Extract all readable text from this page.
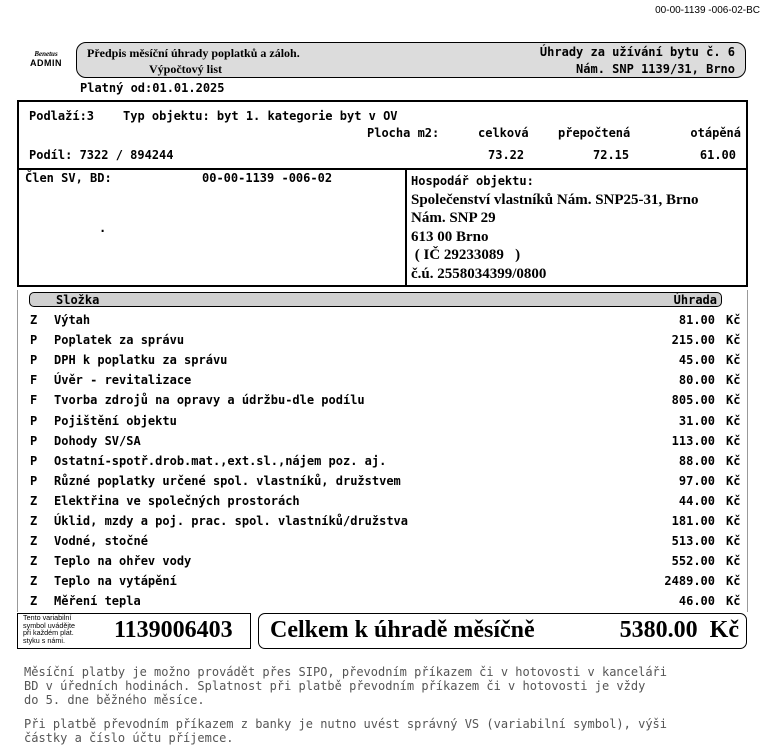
00-00-1139 -006-02-BC
Benetus
ADMIN
Předpis měsíční úhrady poplatků a záloh.
Výpočtový list
Úhrady za užívání bytu č. 6
Nám. SNP 1139/31, Brno
Platný od:01.01.2025
Podlaží:3 Typ objektu: byt 1. kategorie byt v OV
Plocha m2:	celková přepočtená	otápěná
Podíl: 7322 / 894244	73.22	72.15	61.00
Člen SV, BD:	00-00-1139 -006-02
.
Hospodář objektu:
Společenství vlastníků Nám. SNP25-31, Brno
Nám. SNP 29
613 00 Brno
( IČ 29233089   )
č.ú. 2558034399/0800
Složka	Úhrada
Z Výtah	81.00 Kč
P Poplatek za správu	215.00 Kč
P DPH k poplatku za správu	45.00 Kč
F Úvěr - revitalizace	80.00 Kč
F Tvorba zdrojů na opravy a údržbu-dle podílu	805.00 Kč
P Pojištění objektu	31.00 Kč
P Dohody SV/SA	113.00 Kč
P Ostatní-spotř.drob.mat.,ext.sl.,nájem poz. aj.	88.00 Kč
P Různé poplatky určené spol. vlastníků, družstvem	97.00 Kč
Z Elektřina ve společných prostorách	44.00 Kč
Z Úklid, mzdy a poj. prac. spol. vlastníků/družstva	181.00 Kč
Z Vodné, stočné	513.00 Kč
Z Teplo na ohřev vody	552.00 Kč
Z Teplo na vytápění	2489.00 Kč
Z Měření tepla	46.00 Kč
Tento variabilní
symbol uvádějte
při každém plat.
styku s námi.	1139006403 Celkem k úhradě měsíčně	5380.00  Kč
Měsíční platby je možno provádět přes SIPO, převodním příkazem či v hotovosti v kanceláři
BD v úředních hodinách. Splatnost při platbě převodním příkazem či v hotovosti je vždy
do 5. dne běžného měsíce.
Při platbě převodním příkazem z banky je nutno uvést správný VS (variabilní symbol), výši
částky a číslo účtu příjemce.
